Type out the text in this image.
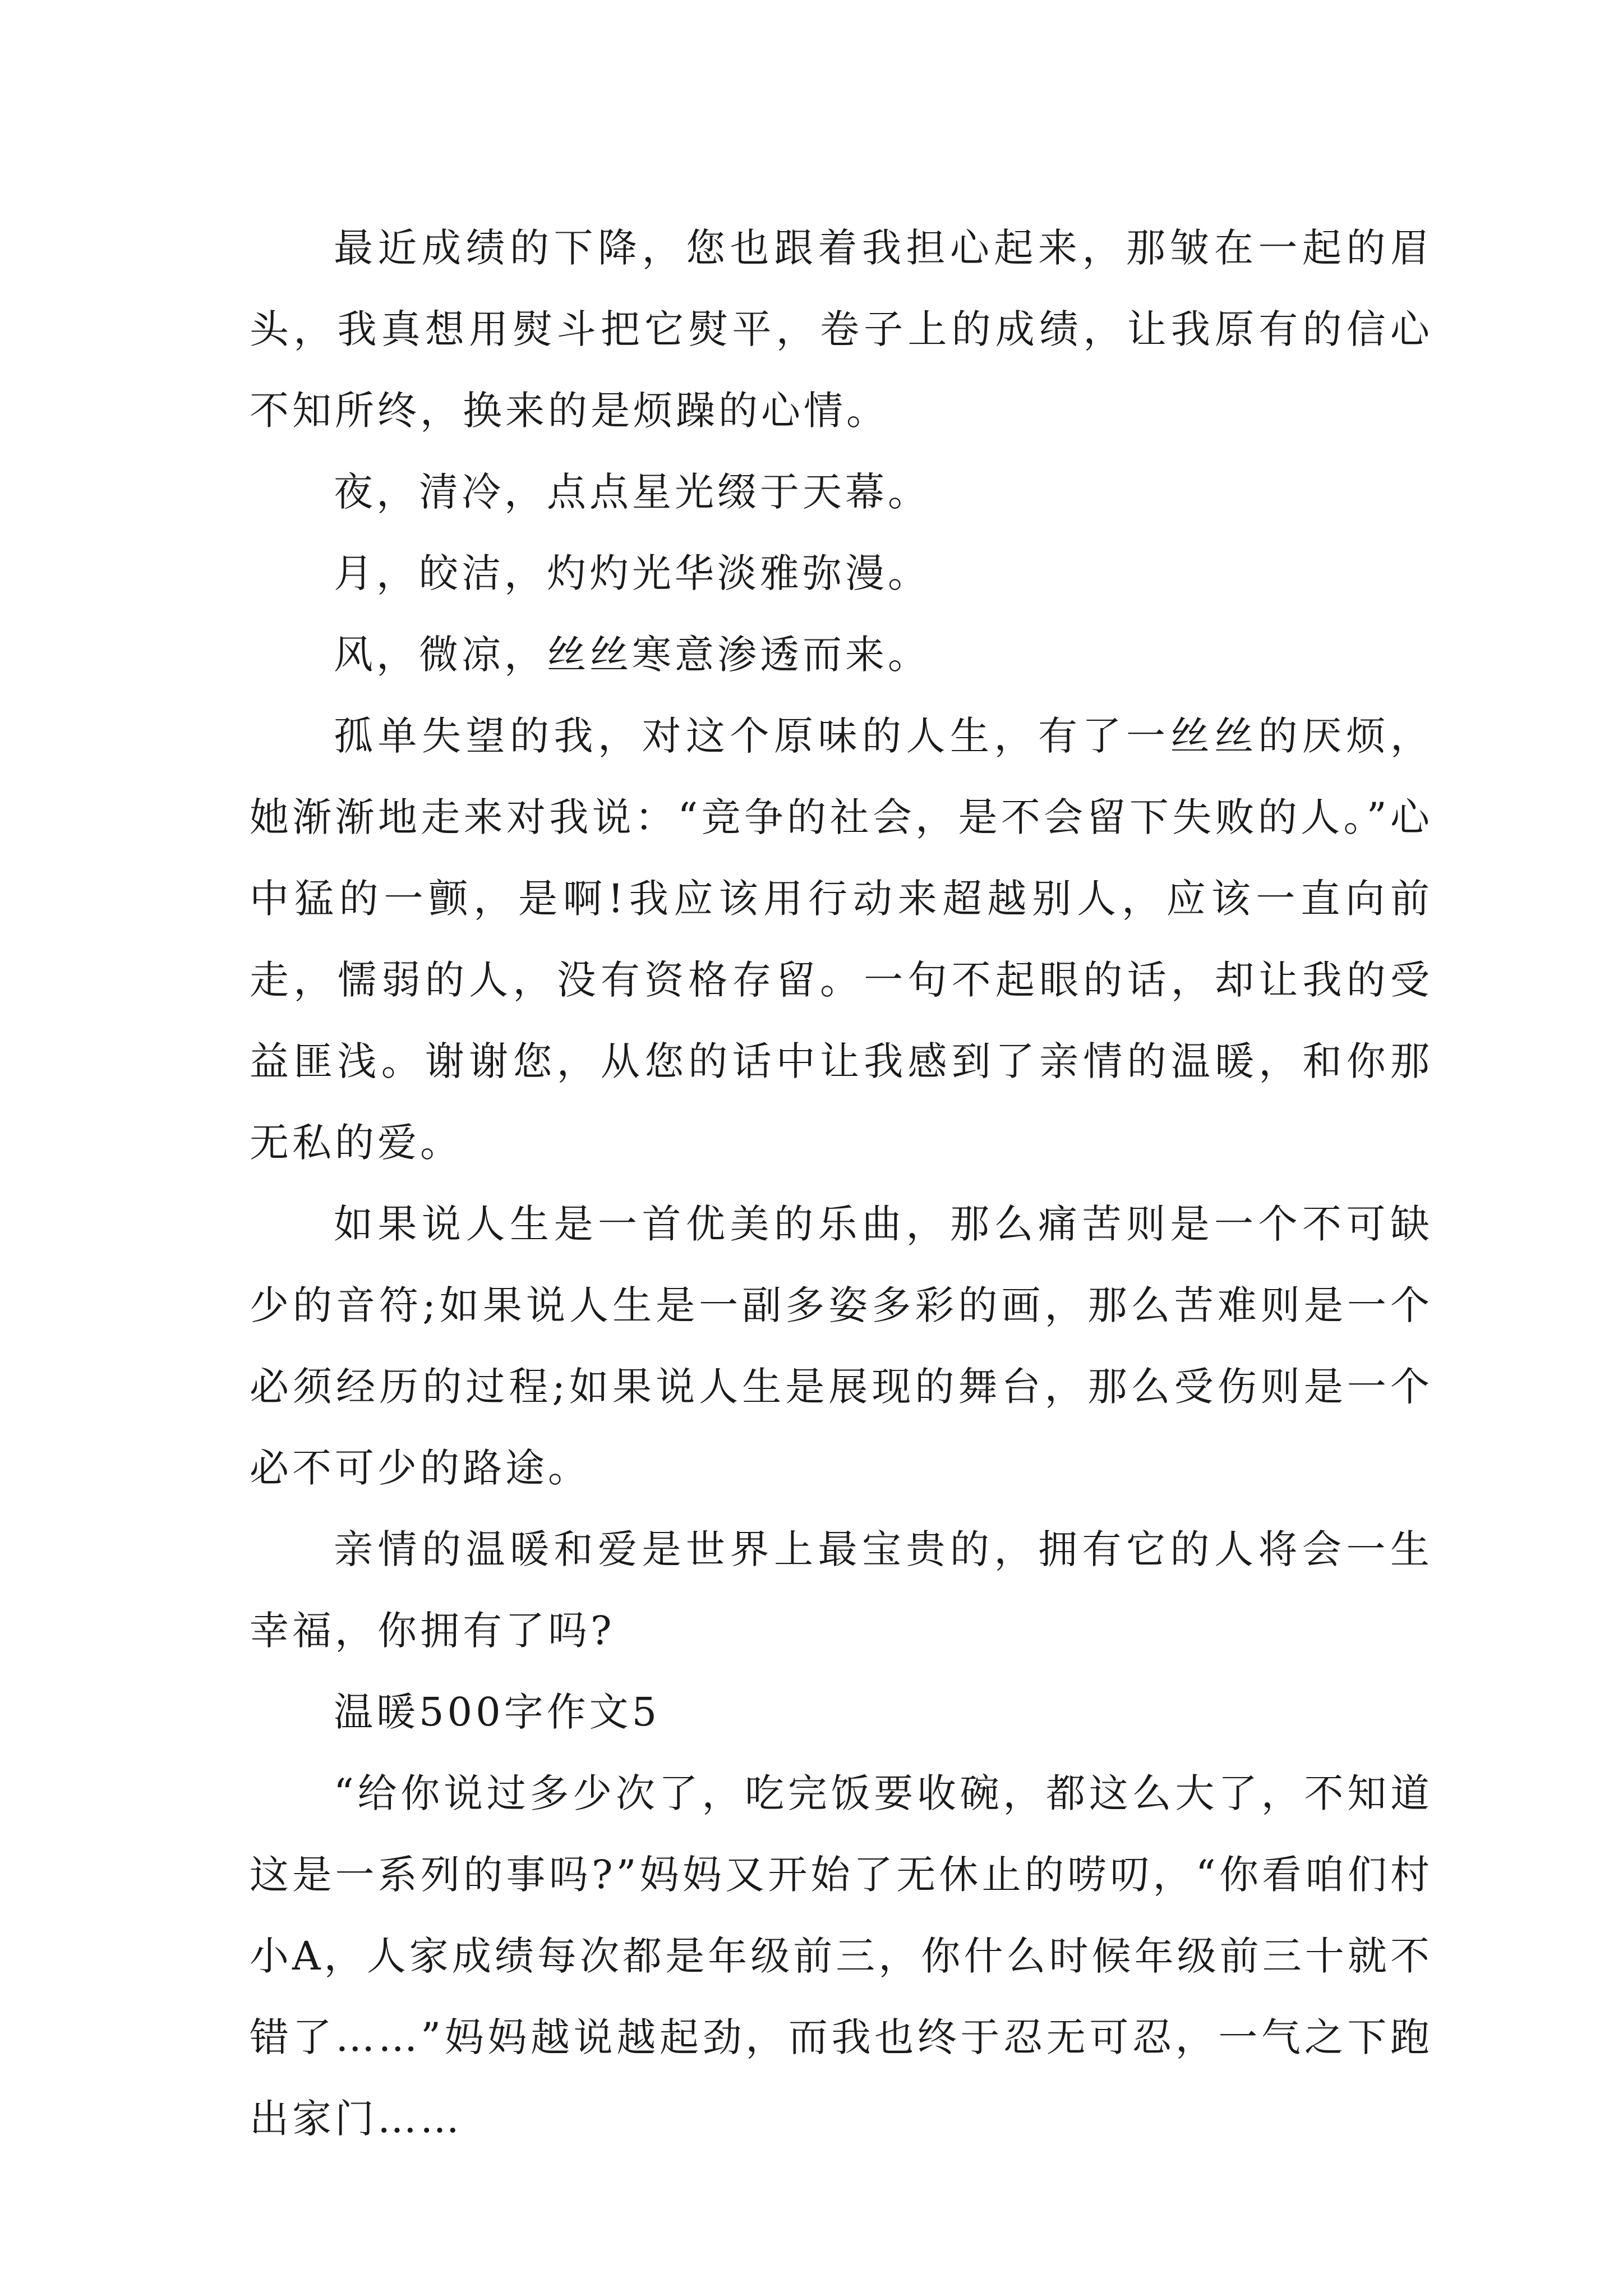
最近成绩的下降，您也跟着我担心起来，那皱在一起的眉头，我真想用熨斗把它熨平，卷子上的成绩，让我原有的信心不知所终，换来的是烦躁的心情。

夜，清冷，点点星光缀于天幕。

月，皎洁，灼灼光华淡雅弥漫。

风，微凉，丝丝寒意渗透而来。

孤单失望的我，对这个原味的人生，有了一丝丝的厌烦，她渐渐地走来对我说：“竞争的社会，是不会留下失败的人。”心中猛的一颤，是啊!我应该用行动来超越别人，应该一直向前走，懦弱的人，没有资格存留。一句不起眼的话，却让我的受益匪浅。谢谢您，从您的话中让我感到了亲情的温暖，和你那无私的爱。

如果说人生是一首优美的乐曲，那么痛苦则是一个不可缺少的音符;如果说人生是一副多姿多彩的画，那么苦难则是一个必须经历的过程;如果说人生是展现的舞台，那么受伤则是一个必不可少的路途。

亲情的温暖和爱是世界上最宝贵的，拥有它的人将会一生幸福，你拥有了吗?

温暖500字作文5

“给你说过多少次了，吃完饭要收碗，都这么大了，不知道这是一系列的事吗?”妈妈又开始了无休止的唠叨，“你看咱们村小A，人家成绩每次都是年级前三，你什么时候年级前三十就不错了……”妈妈越说越起劲，而我也终于忍无可忍，一气之下跑出家门……
